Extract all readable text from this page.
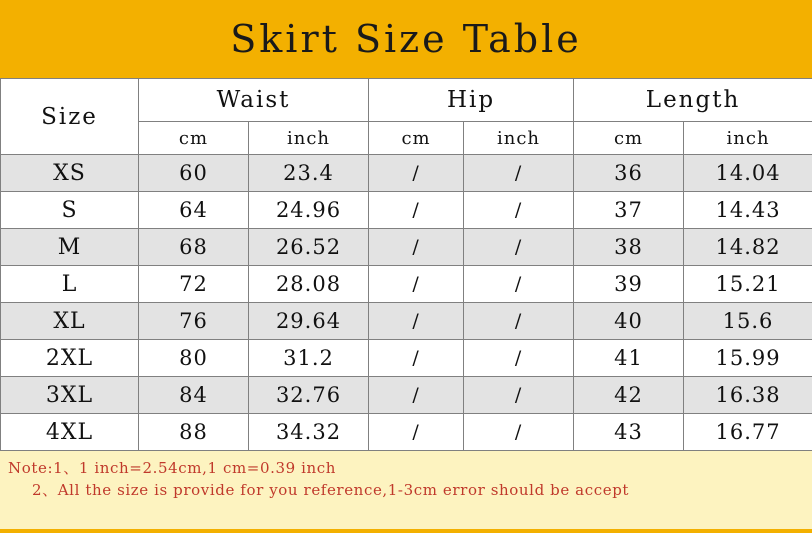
Skirt Size Table
Size	Waist		Hip		Length	
	cm	inch	cm	inch	cm	inch
XS	60	23.4	/	/	36	14.04
S	64	24.96	/	/	37	14.43
M	68	26.52	/	/	38	14.82
L	72	28.08	/	/	39	15.21
XL	76	29.64	/	/	40	15.6
2XL	80	31.2	/	/	41	15.99
3XL	84	32.76	/	/	42	16.38
4XL	88	34.32	/	/	43	16.77
Note:1、1 inch=2.54cm,1 cm=0.39 inch
2、All the size is provide for you reference,1-3cm error should be accept
